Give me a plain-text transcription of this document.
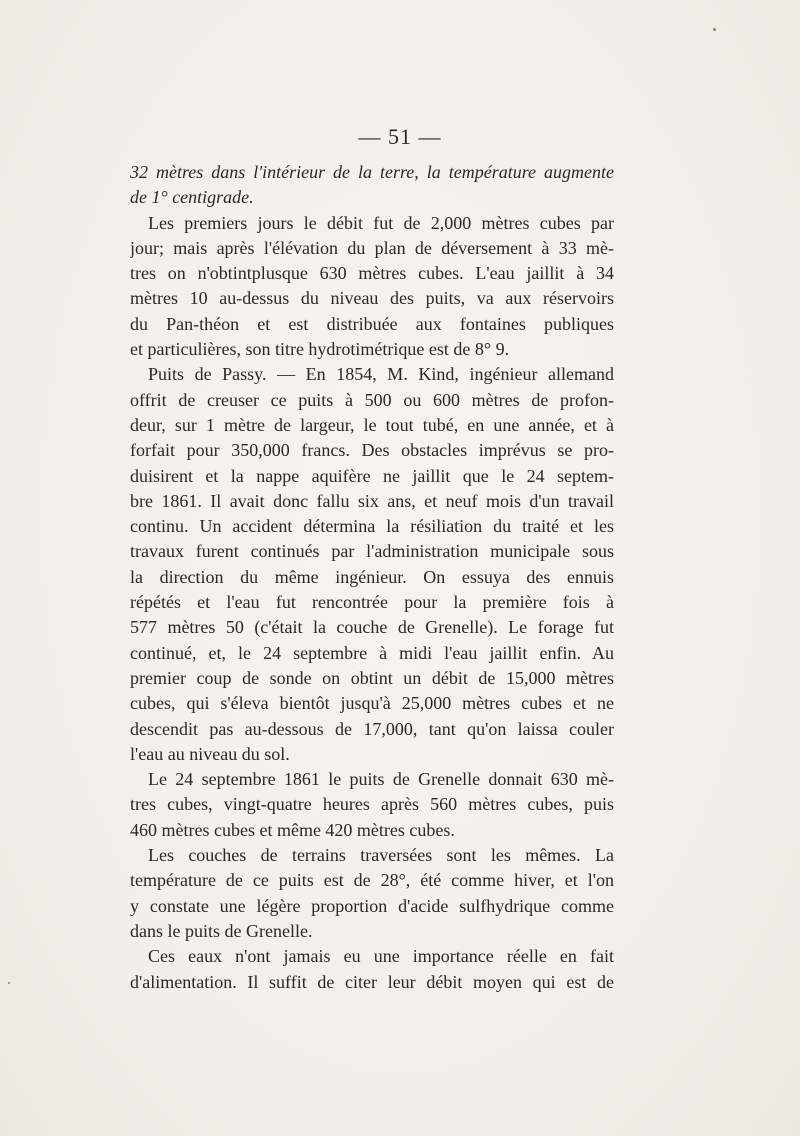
— 51 —
32 mètres dans l'intérieur de la terre, la température augmente
de 1° centigrade.
Les premiers jours le débit fut de 2,000 mètres cubes par
jour; mais après l'élévation du plan de déversement à 33 mè-
tres on n'obtintplusque 630 mètres cubes. L'eau jaillit à 34
mètres 10 au-dessus du niveau des puits, va aux réservoirs
du Pan-théon et est distribuée aux fontaines publiques
et particulières, son titre hydrotimétrique est de 8° 9.
Puits de Passy. — En 1854, M. Kind, ingénieur allemand
offrit de creuser ce puits à 500 ou 600 mètres de profon-
deur, sur 1 mètre de largeur, le tout tubé, en une année, et à
forfait pour 350,000 francs. Des obstacles imprévus se pro-
duisirent et la nappe aquifère ne jaillit que le 24 septem-
bre 1861. Il avait donc fallu six ans, et neuf mois d'un travail
continu. Un accident détermina la résiliation du traité et les
travaux furent continués par l'administration municipale sous
la direction du même ingénieur. On essuya des ennuis
répétés et l'eau fut rencontrée pour la première fois à
577 mètres 50 (c'était la couche de Grenelle). Le forage fut
continué, et, le 24 septembre à midi l'eau jaillit enfin. Au
premier coup de sonde on obtint un débit de 15,000 mètres
cubes, qui s'éleva bientôt jusqu'à 25,000 mètres cubes et ne
descendit pas au-dessous de 17,000, tant qu'on laissa couler
l'eau au niveau du sol.
Le 24 septembre 1861 le puits de Grenelle donnait 630 mè-
tres cubes, vingt-quatre heures après 560 mètres cubes, puis
460 mètres cubes et même 420 mètres cubes.
Les couches de terrains traversées sont les mêmes. La
température de ce puits est de 28°, été comme hiver, et l'on
y constate une légère proportion d'acide sulfhydrique comme
dans le puits de Grenelle.
Ces eaux n'ont jamais eu une importance réelle en fait
d'alimentation. Il suffit de citer leur débit moyen qui est de
